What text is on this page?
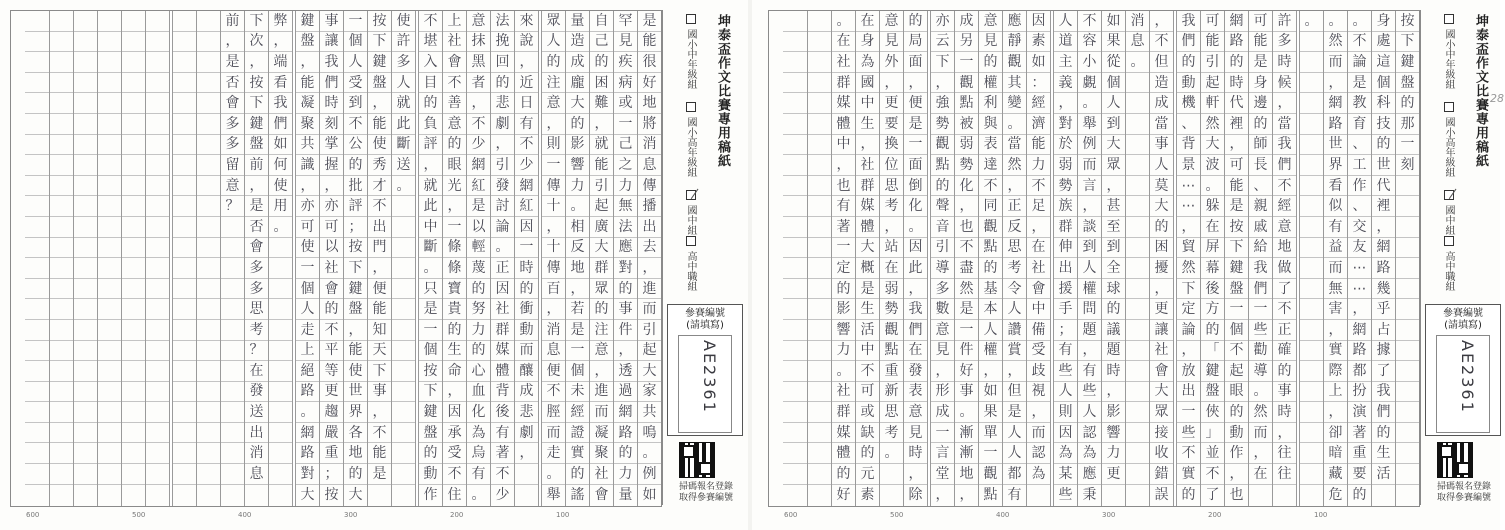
按
下
鍵
盤
的
那
一
刻
身
處
這
個
科
技
的
世
代
裡
，
網
路
幾
乎
占
據
了
我
們
的
生
活
。
不
論
是
教
育
、
工
作
、
交
友
⋯
⋯
，
網
路
都
扮
演
著
重
要
的
。
然
而
，
網
路
世
界
看
似
有
益
而
無
害
，
實
際
上
，
卻
暗
藏
危
。
許
多
時
候
，
當
我
們
不
經
意
地
做
了
不
正
確
的
事
時
，
往
往
可
能
是
身
邊
的
師
長
、
親
戚
給
我
們
一
些
勸
導
。
然
而
，
在
網
路
的
時
代
裡
，
可
能
是
按
下
鍵
盤
一
個
不
起
眼
的
動
作
，
也
可
能
引
起
軒
然
大
波
。
躲
在
屏
幕
後
方
的
「
鍵
盤
俠
」
並
不
了
我
們
的
動
機
、
背
景
⋯
⋯
，
貿
然
下
定
論
，
放
出
一
些
不
實
的
，
不
但
造
成
當
事
人
莫
大
的
困
擾
，
更
讓
社
會
大
眾
接
收
錯
誤
消
息
。
如
果
從
個
人
到
大
眾
，
甚
至
到
全
球
的
議
題
時
，
影
響
力
更
不
容
小
覷
。
舉
例
而
言
，
談
到
人
權
問
題
，
有
些
人
認
為
應
秉
人
道
主
義
，
對
於
弱
勢
族
群
伸
出
援
手
；
有
些
人
則
因
為
某
些
因
素
如
：
經
濟
能
力
不
足
，
在
社
會
中
備
受
歧
視
，
而
認
為
應
靜
觀
其
變
。
當
然
，
正
反
思
考
令
人
讚
賞
，
但
是
人
人
都
有
意
見
的
權
利
與
表
達
不
同
觀
點
的
基
本
人
權
，
如
果
單
一
觀
點
成
另
一
觀
點
被
弱
勢
化
，
也
不
盡
然
是
一
件
好
事
。
漸
漸
地
，
亦
云
下
，
強
勢
觀
點
的
聲
音
引
導
多
數
意
見
，
形
成
一
言
堂
，
的
局
面
，
便
是
一
面
倒
化
。
因
此
，
我
們
在
發
表
意
見
時
，
除
意
見
外
，
更
要
換
位
思
考
，
站
在
弱
勢
觀
點
重
新
思
考
。
在
身
為
國
中
生
，
社
群
媒
體
大
概
是
生
活
中
不
可
或
缺
的
元
素
。
在
社
群
媒
體
中
，
也
有
著
一
定
的
影
響
力
。
社
群
媒
體
的
好
坤泰盃作文比賽專用稿紙
國小中年級組
國小高年級組
國中組
高中職組
參賽編號
(請填寫)
AE2361
掃碼報名登錄
取得參賽編號
28
100
200
300
400
500
600
是
能
很
好
地
將
消
息
傳
播
出
去
，
進
而
引
起
大
家
共
鳴
。
例
如
罕
見
疾
病
或
一
己
之
力
無
法
應
對
的
事
件
，
透
過
網
路
的
力
量
自
己
的
困
難
，
就
能
引
起
廣
大
群
眾
的
注
意
，
進
而
凝
聚
社
會
量
造
成
龐
大
的
影
響
力
。
相
反
地
，
若
是
一
個
未
經
證
實
的
謠
眾
人
的
注
意
，
則
一
傳
十
，
十
傳
百
，
消
息
便
不
脛
而
走
。
舉
來
說
，
近
日
有
不
少
網
紅
因
一
時
的
衝
動
而
釀
成
悲
劇
，
法
挽
回
的
悲
劇
，
引
發
討
論
。
正
因
社
群
媒
體
背
後
有
著
不
少
意
抹
黑
者
，
不
少
網
紅
是
以
輕
蔑
的
努
力
的
心
血
化
為
烏
有
。
上
社
會
不
善
意
的
眼
光
，
一
條
條
寶
貴
的
生
命
，
因
承
受
不
住
不
堪
入
目
的
負
評
，
就
此
中
斷
。
只
是
一
個
按
下
鍵
盤
的
動
作
使
許
多
人
就
此
斷
送
。
按
下
鍵
盤
，
能
使
秀
才
不
出
門
，
便
能
知
天
下
事
，
不
能
是
一
個
人
受
到
不
公
的
批
評
；
按
下
鍵
盤
，
能
使
世
界
各
地
的
大
事
讓
我
們
時
刻
掌
握
，
亦
可
以
社
會
的
不
平
等
更
趨
嚴
重
；
按
鍵
盤
，
能
凝
聚
共
識
，
亦
可
使
一
個
人
走
上
絕
路
。
網
路
對
大
弊
，
端
看
我
們
如
何
使
用
。
下
次
，
按
下
鍵
盤
前
，
是
否
會
多
多
思
考
？
在
發
送
出
消
息
前
，
是
否
會
多
多
留
意
？
坤泰盃作文比賽專用稿紙
國小中年級組
國小高年級組
國中組
高中職組
參賽編號
(請填寫)
AE2361
掃碼報名登錄
取得參賽編號
100
200
300
400
500
600
